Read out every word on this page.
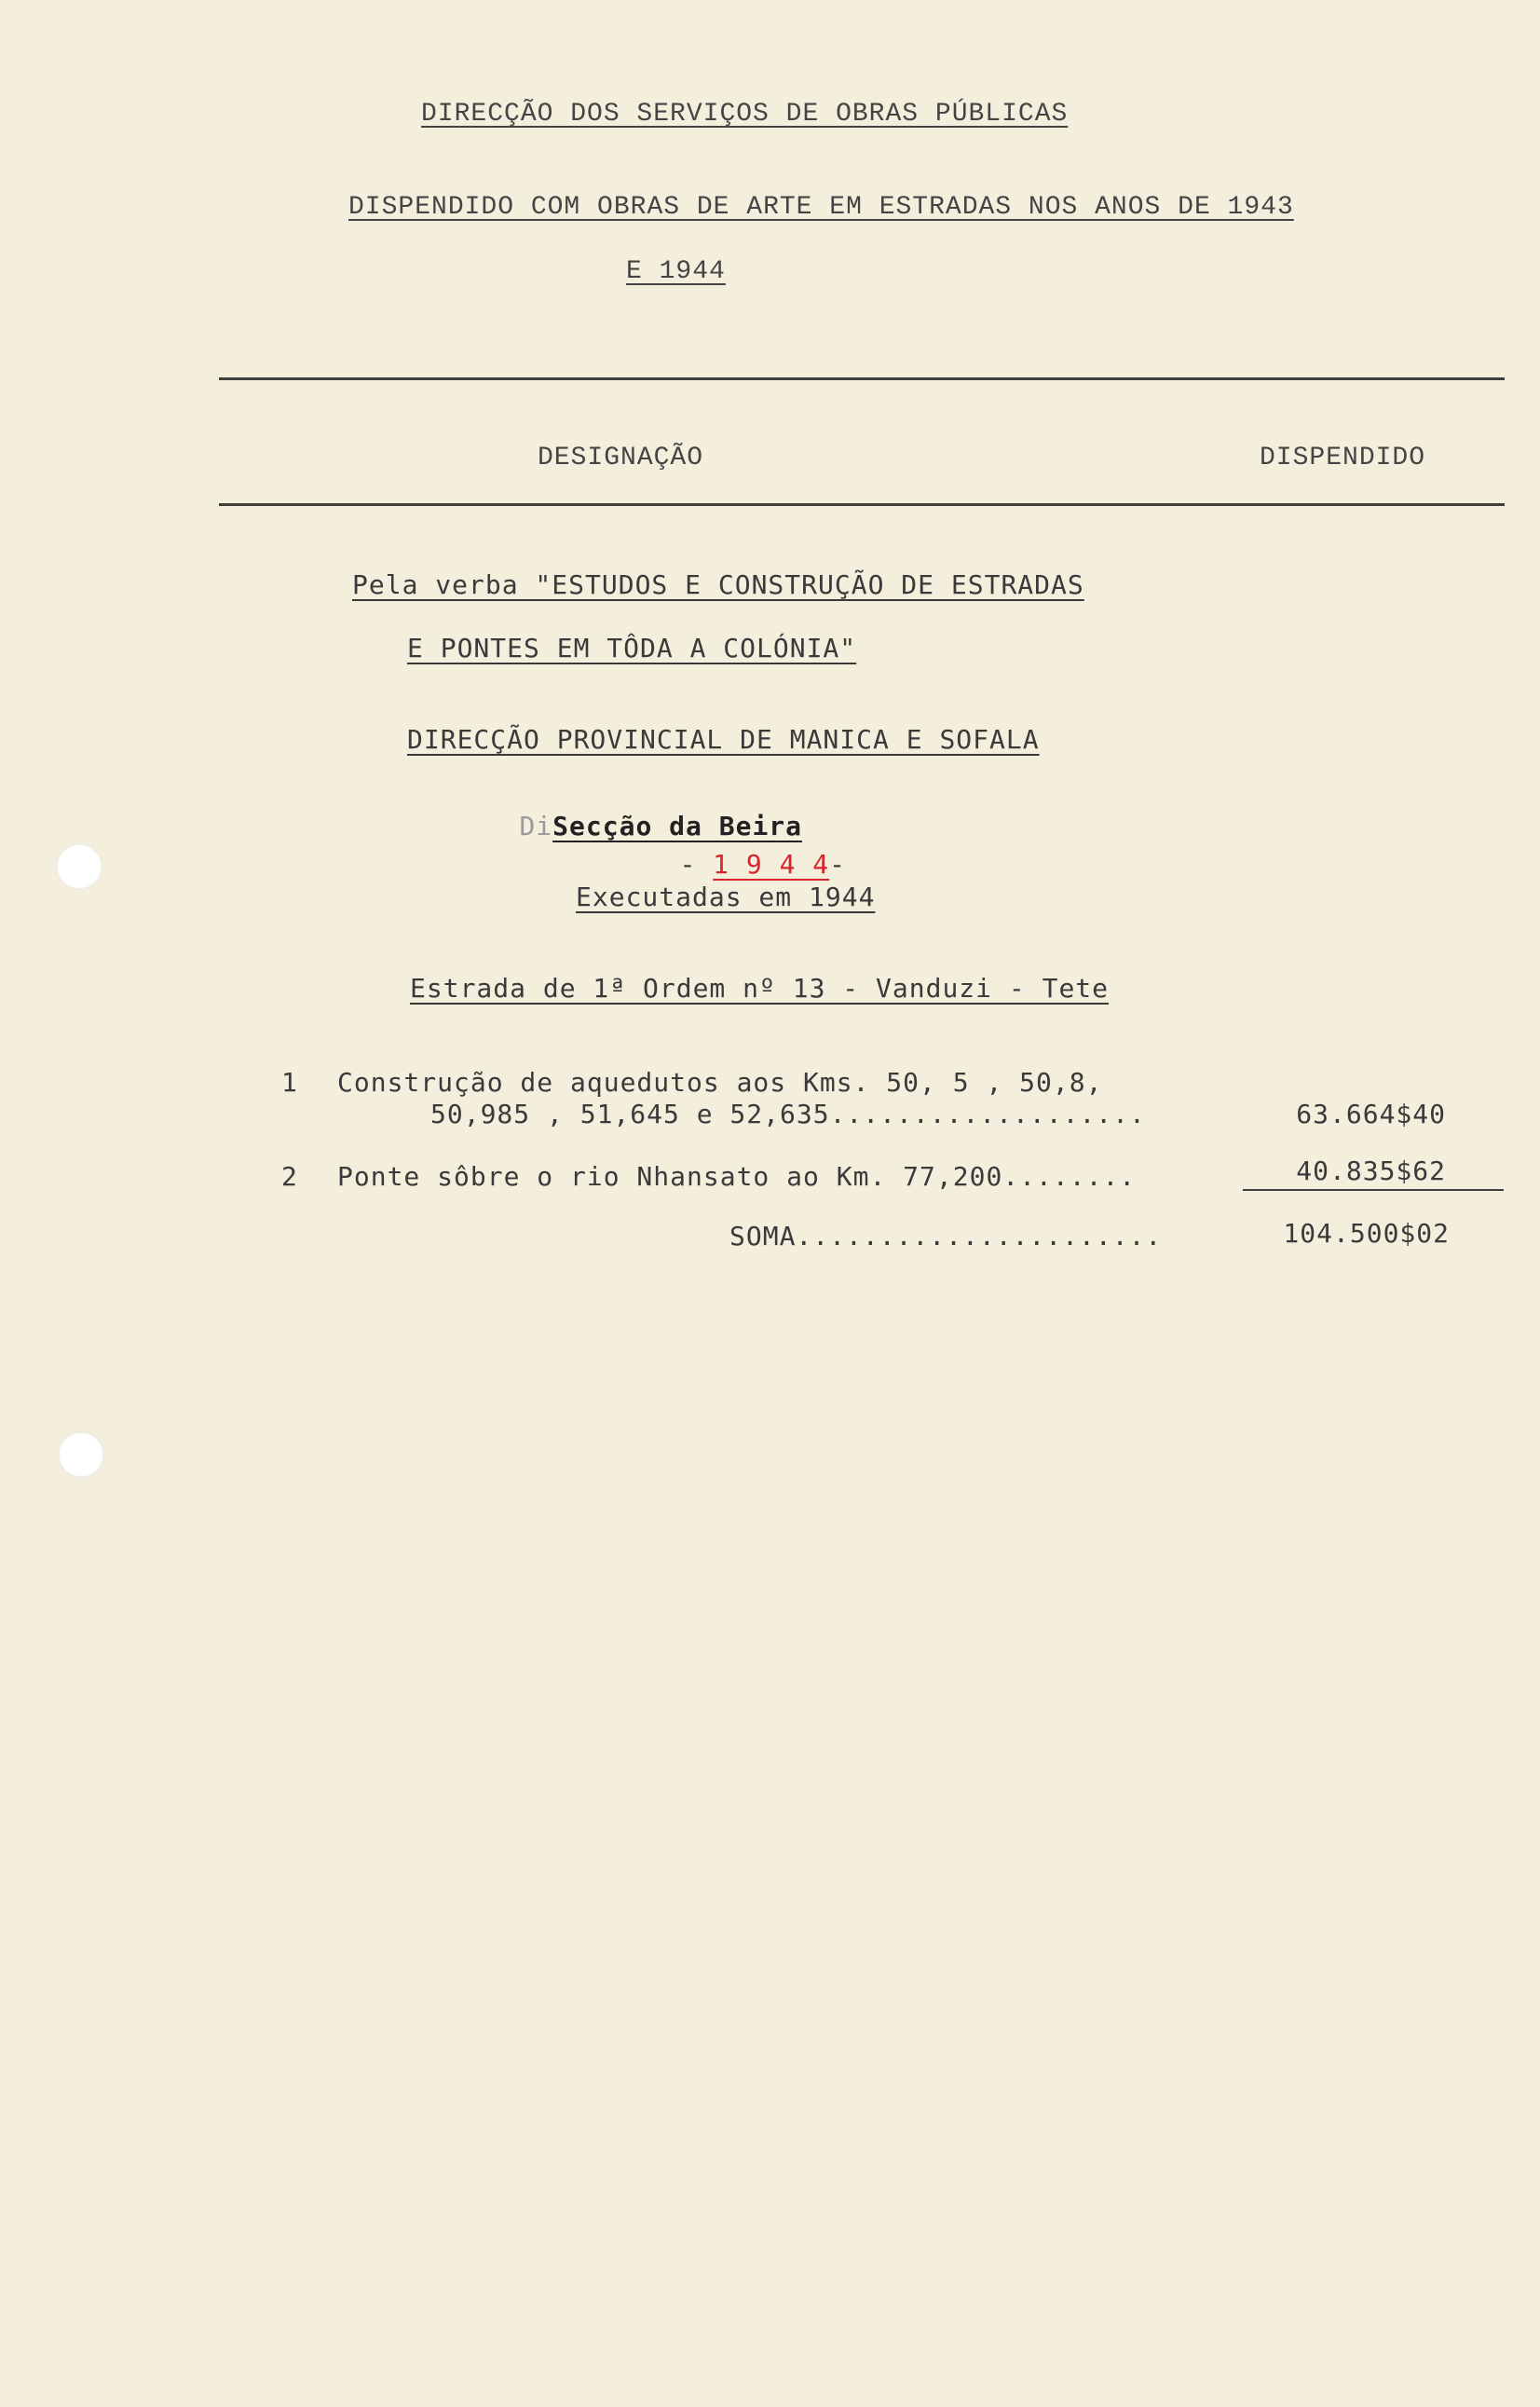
DIRECÇÃO DOS SERVIÇOS DE OBRAS PÚBLICAS
DISPENDIDO COM OBRAS DE ARTE EM ESTRADAS NOS ANOS DE 1943
E 1944
DESIGNAÇÃO	DISPENDIDO
Pela verba "ESTUDOS E CONSTRUÇÃO DE ESTRADAS
E PONTES EM TÔDA A COLÓNIA"
DIRECÇÃO PROVINCIAL DE MANICA E SOFALA

DiSecção da Beira

- 1 9 4 4-

Executadas em 1944
Estrada de 1ª Ordem nº 13 - Vanduzi - Tete
1 Construção de aquedutos aos Kms. 50, 5 , 50,8,
50,985 , 51,645 e 52,635...................	63.664$40
2 Ponte sôbre o rio Nhansato ao Km. 77,200........	40.835$62
SOMA......................	104.500$02
